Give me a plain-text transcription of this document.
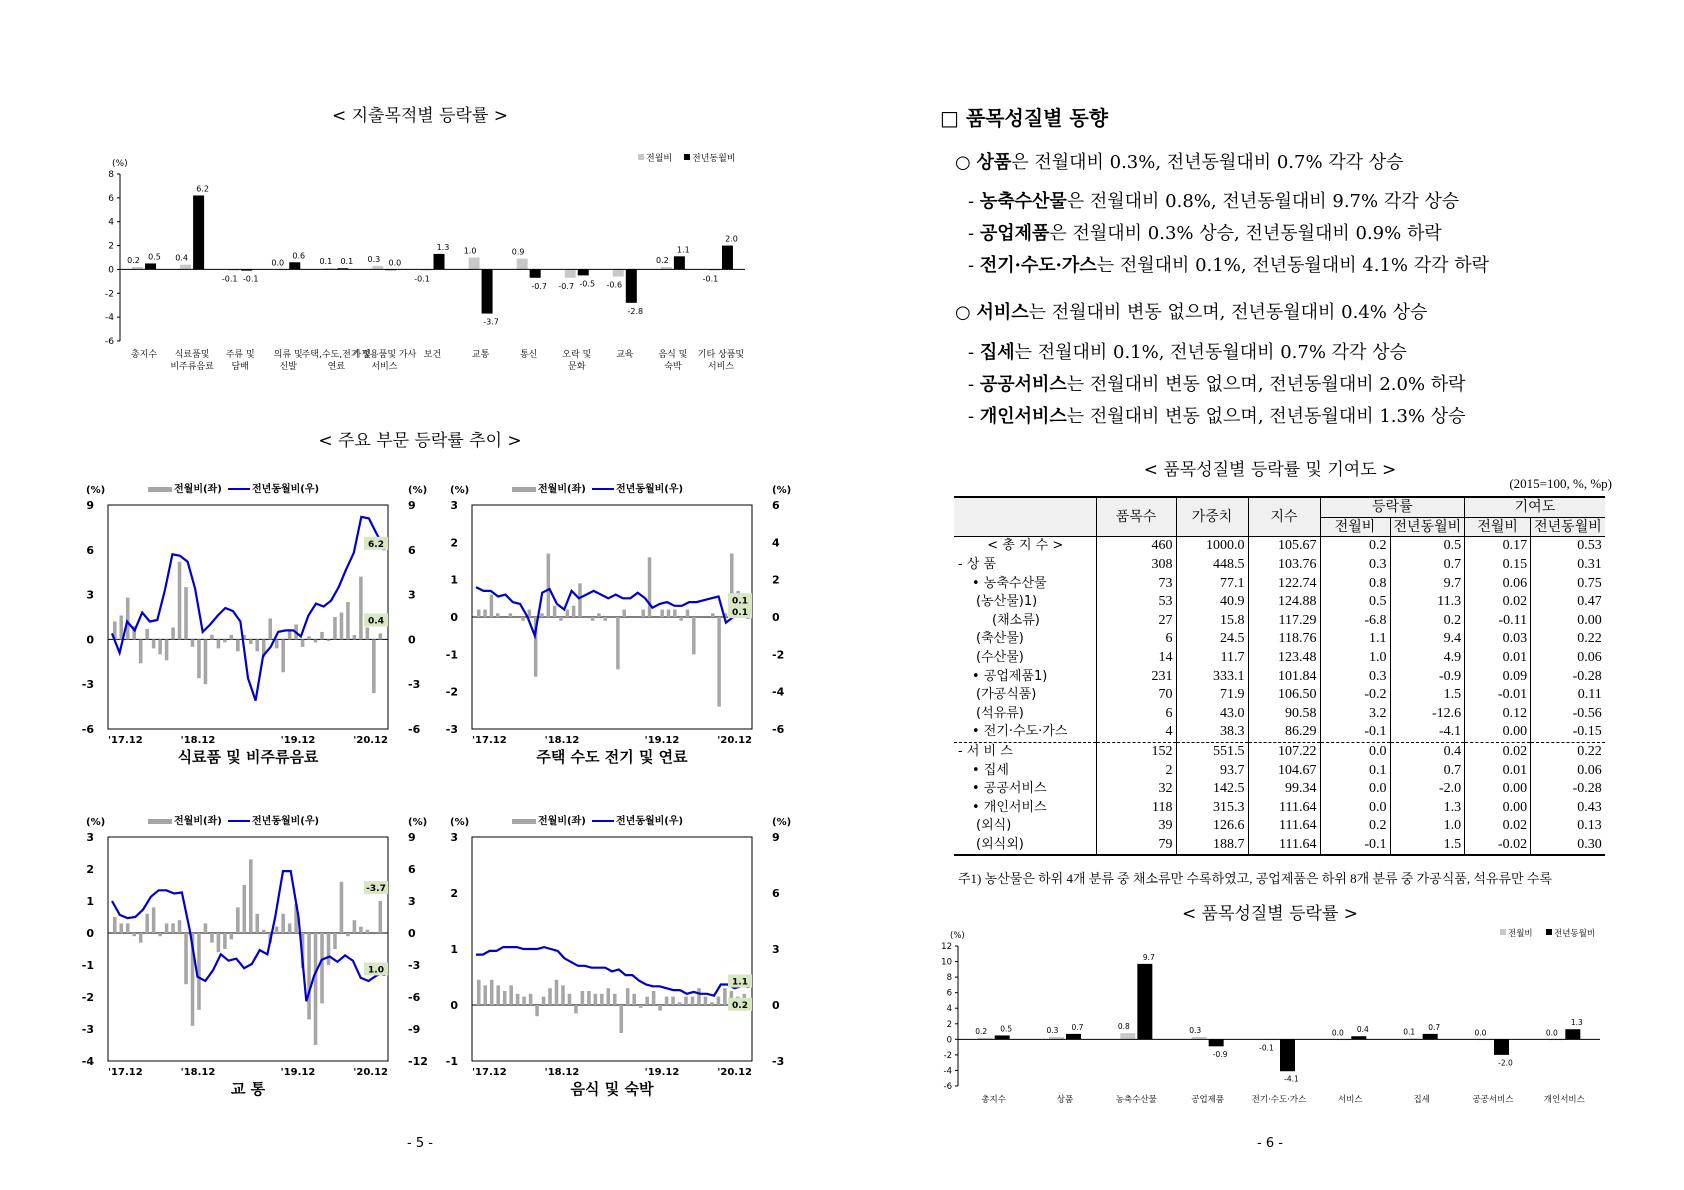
< 지출목적별 등락률 >
8
6
4
2
0
-2
-4
-6
(%)
0.2 0.5
총지수
0.4
6.2
식료품및
비주류음료
-0.1 -0.1
주류 및
담배
0.0
0.6
의류 및
신발
0.1 0.1
주택,수도,전기 및
연료
0.3 0.0
가정용품및 가사
서비스
-0.1
1.3
보건
1.0
-3.7
교통
0.9
-0.7
통신
-0.7 -0.5
오락 및
문화
-0.6
-2.8
교육
0.2
1.1
음식 및
숙박
-0.1
2.0
기타 상품및
서비스
전월비 전년동월비
< 주요 부문 등락률 추이 >
9
6
3
0
-3
-6
9
6
3
0
-3
-6
(%)	(%)
6.2
0.4
'17.12	'18.12	'19.12	'20.12
전월비(좌)	전년동월비(우)
식료품 및 비주류음료
3
2
1
0
-1
-2
-3
6
4
2
0
-2
-4
-6
(%)	(%)
0.1
0.1
'17.12	'18.12	'19.12	'20.12
전월비(좌)	전년동월비(우)
주택 수도 전기 및 연료
3
2
1
0
-1
-2
-3
-4
9
6
3
0
-3
-6
-9
-12
(%)	(%)
1.0
-3.7
'17.12	'18.12	'19.12	'20.12
전월비(좌)	전년동월비(우)
교 통
3
2
1
0
-1
9
6
3
0
-3
(%)	(%)
1.1
0.2
'17.12	'18.12	'19.12	'20.12
전월비(좌)	전년동월비(우)
음식 및 숙박
- 5 -
□ 품목성질별 동향
○ 상품은 전월대비 0.3%, 전년동월대비 0.7% 각각 상승
- 농축수산물은 전월대비 0.8%, 전년동월대비 9.7% 각각 상승
- 공업제품은 전월대비 0.3% 상승, 전년동월대비 0.9% 하락
- 전기·수도·가스는 전월대비 0.1%, 전년동월대비 4.1% 각각 하락
○ 서비스는 전월대비 변동 없으며, 전년동월대비 0.4% 상승
- 집세는 전월대비 0.1%, 전년동월대비 0.7% 각각 상승
- 공공서비스는 전월대비 변동 없으며, 전년동월대비 2.0% 하락
- 개인서비스는 전월대비 변동 없으며, 전년동월대비 1.3% 상승
< 품목성질별 등락률 및 기여도 >
(2015=100, %, %p)
	품목수	가중치	지수	등락률		기여도	
				전월비	전년동월비	전월비	전년동월비
< 총 지 수 >	460	1000.0	105.67	0.2	0.5	0.17	0.53
- 상 품	308	448.5	103.76	0.3	0.7	0.15	0.31
• 농축수산물	73	77.1	122.74	0.8	9.7	0.06	0.75
(농산물)1)	53	40.9	124.88	0.5	11.3	0.02	0.47
(채소류)	27	15.8	117.29	-6.8	0.2	-0.11	0.00
(축산물)	6	24.5	118.76	1.1	9.4	0.03	0.22
(수산물)	14	11.7	123.48	1.0	4.9	0.01	0.06
• 공업제품1)	231	333.1	101.84	0.3	-0.9	0.09	-0.28
(가공식품)	70	71.9	106.50	-0.2	1.5	-0.01	0.11
(석유류)	6	43.0	90.58	3.2	-12.6	0.12	-0.56
• 전기·수도·가스	4	38.3	86.29	-0.1	-4.1	0.00	-0.15
- 서 비 스	152	551.5	107.22	0.0	0.4	0.02	0.22
• 집세	2	93.7	104.67	0.1	0.7	0.01	0.06
• 공공서비스	32	142.5	99.34	0.0	-2.0	0.00	-0.28
• 개인서비스	118	315.3	111.64	0.0	1.3	0.00	0.43
(외식)	39	126.6	111.64	0.2	1.0	0.02	0.13
(외식외)	79	188.7	111.64	-0.1	1.5	-0.02	0.30
주1) 농산물은 하위 4개 분류 중 채소류만 수록하였고, 공업제품은 하위 8개 분류 중 가공식품, 석유류만 수록
< 품목성질별 등락률 >
12
10
8
6
4
2
0
-2
-4
-6
(%)
0.2 0.5
총지수
0.3 0.7
상품
0.8
9.7
농축수산물
0.3
-0.9
공업제품
-0.1
-4.1
전기·수도·가스
0.0 0.4
서비스
0.1
0.7
집세
0.0
-2.0
공공서비스
0.0
1.3
개인서비스
전월비	전년동월비
- 6 -
